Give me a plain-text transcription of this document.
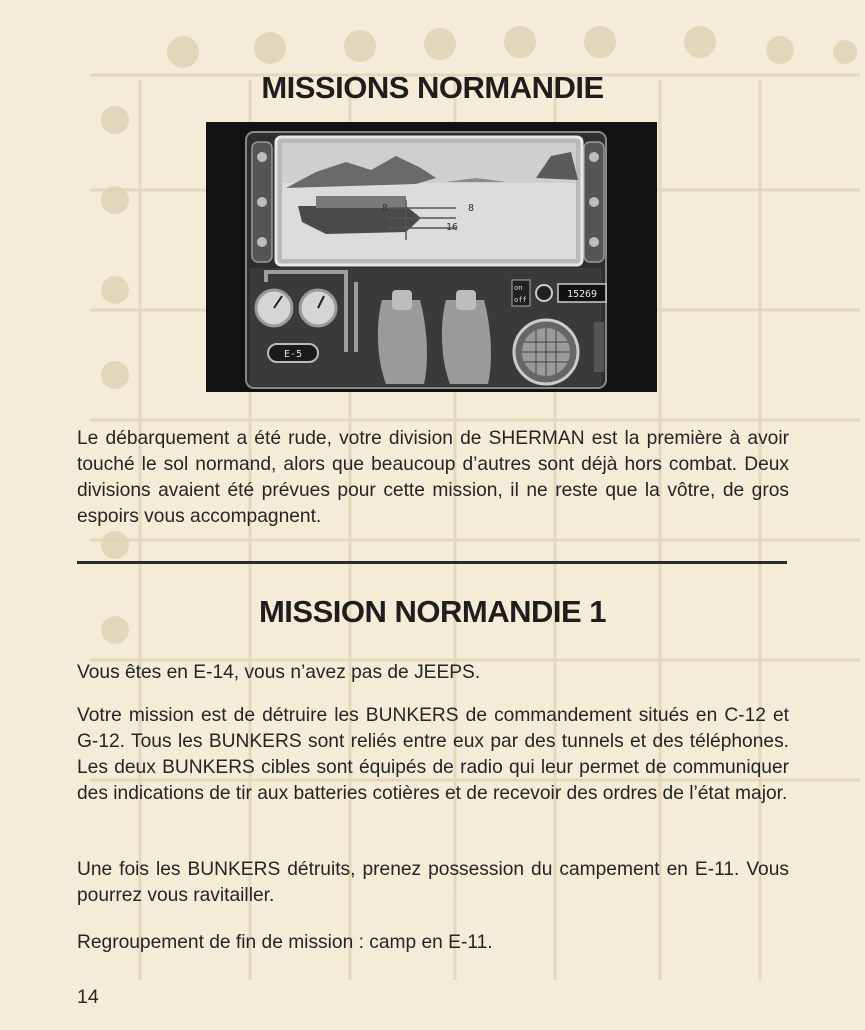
MISSIONS NORMANDIE
8	8
16
E-5
on
off	15269
Le débarquement a été rude, votre division de SHERMAN est la première à avoir touché le sol normand, alors que beaucoup d’autres sont déjà hors combat. Deux divisions avaient été prévues pour cette mission, il ne reste que la vôtre, de gros espoirs vous accompagnent.
MISSION NORMANDIE 1
Vous êtes en E-14, vous n’avez pas de JEEPS.
Votre mission est de détruire les BUNKERS de commandement situés en C-12 et G-12. Tous les BUNKERS sont reliés entre eux par des tunnels et des téléphones. Les deux BUNKERS cibles sont équipés de radio qui leur permet de communiquer des indications de tir aux batteries cotières et de recevoir des ordres de l’état major.
Une fois les BUNKERS détruits, prenez possession du campement en E-11. Vous pourrez vous ravitailler.
Regroupement de fin de mission : camp en E-11.
14
